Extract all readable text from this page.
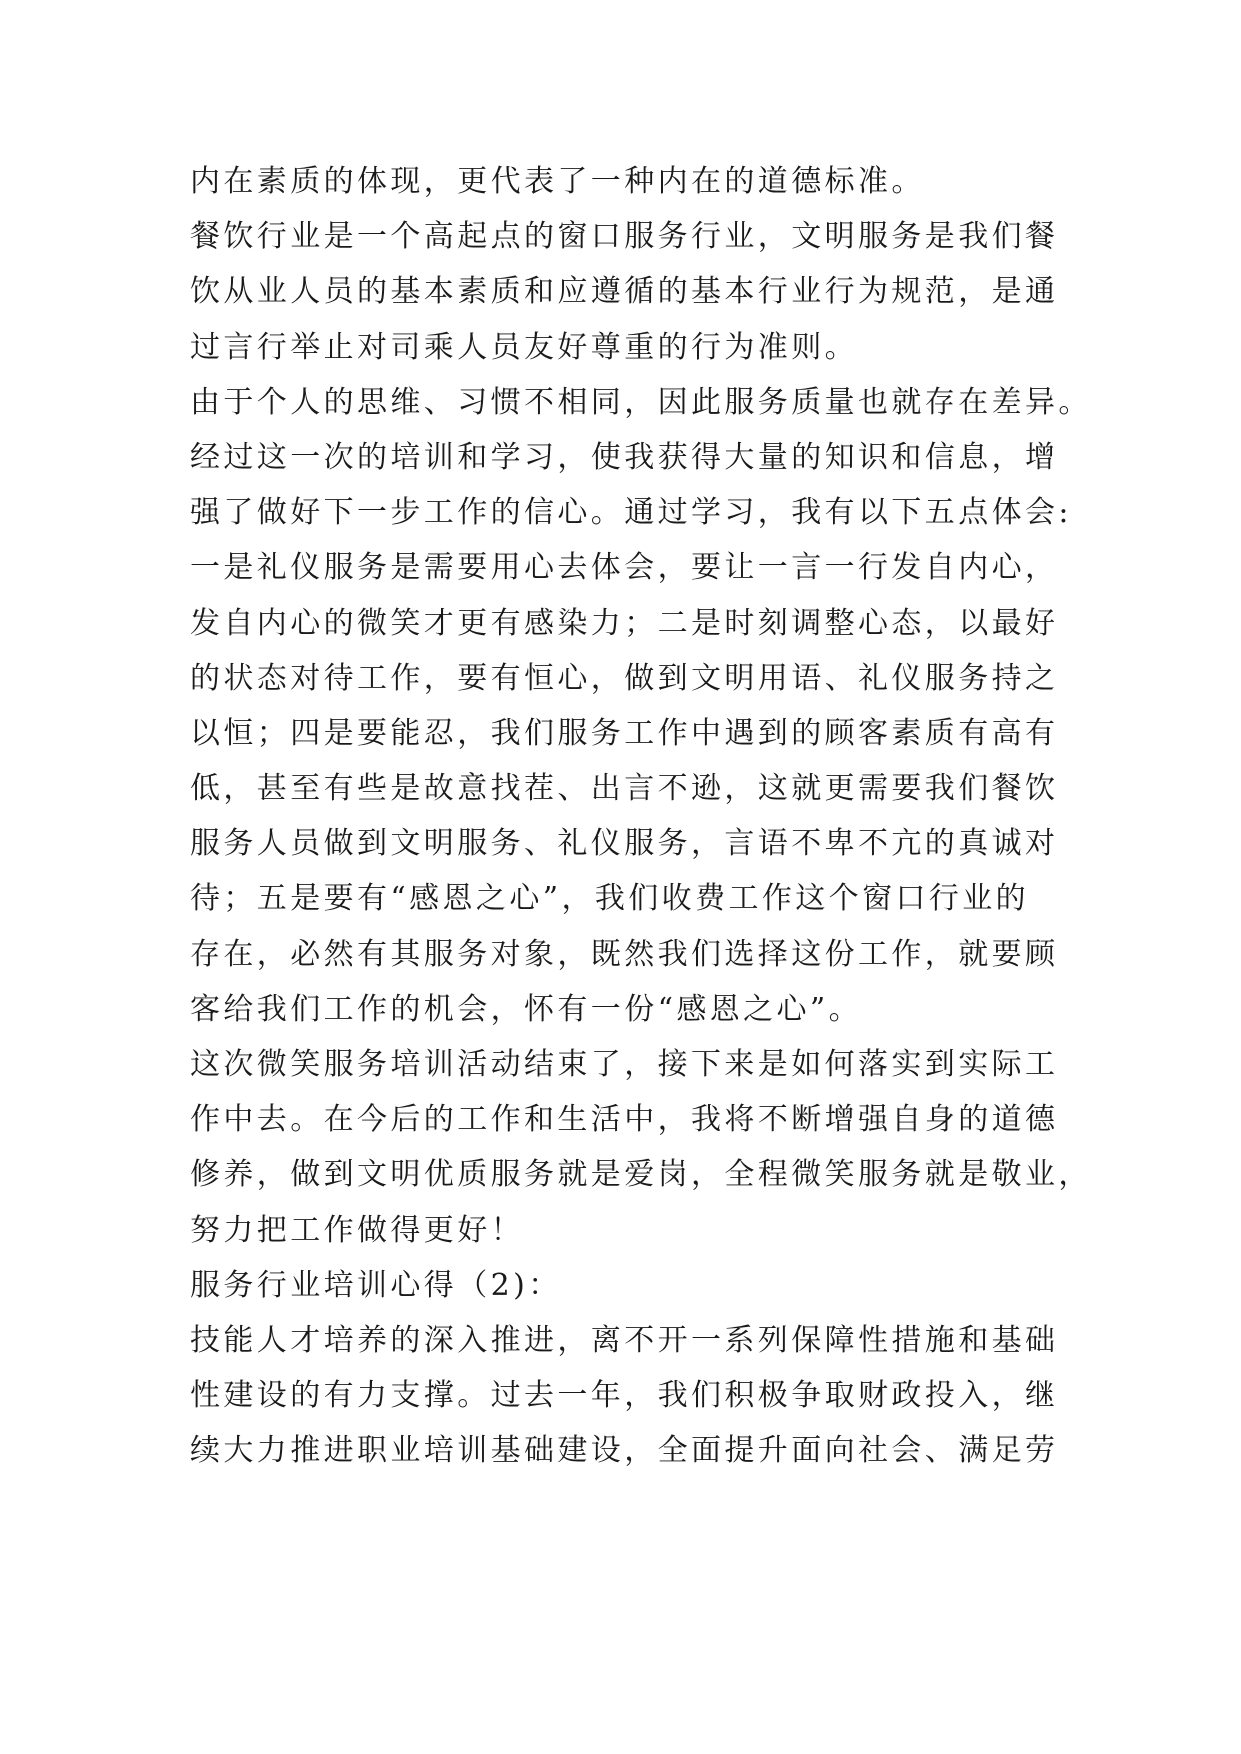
内在素质的体现，更代表了一种内在的道德标准。
餐饮行业是一个高起点的窗口服务行业，文明服务是我们餐
饮从业人员的基本素质和应遵循的基本行业行为规范，是通
过言行举止对司乘人员友好尊重的行为准则。
由于个人的思维、习惯不相同，因此服务质量也就存在差异。
经过这一次的培训和学习，使我获得大量的知识和信息，增
强了做好下一步工作的信心。通过学习，我有以下五点体会:
一是礼仪服务是需要用心去体会，要让一言一行发自内心，
发自内心的微笑才更有感染力；二是时刻调整心态，以最好
的状态对待工作，要有恒心，做到文明用语、礼仪服务持之
以恒；四是要能忍，我们服务工作中遇到的顾客素质有高有
低，甚至有些是故意找茬、出言不逊，这就更需要我们餐饮
服务人员做到文明服务、礼仪服务，言语不卑不亢的真诚对
待；五是要有“感恩之心”，我们收费工作这个窗口行业的
存在，必然有其服务对象，既然我们选择这份工作，就要顾
客给我们工作的机会，怀有一份“感恩之心”。
这次微笑服务培训活动结束了，接下来是如何落实到实际工
作中去。在今后的工作和生活中，我将不断增强自身的道德
修养，做到文明优质服务就是爱岗，全程微笑服务就是敬业，
努力把工作做得更好！
服务行业培训心得（2)：
技能人才培养的深入推进，离不开一系列保障性措施和基础
性建设的有力支撑。过去一年，我们积极争取财政投入，继
续大力推进职业培训基础建设，全面提升面向社会、满足劳
